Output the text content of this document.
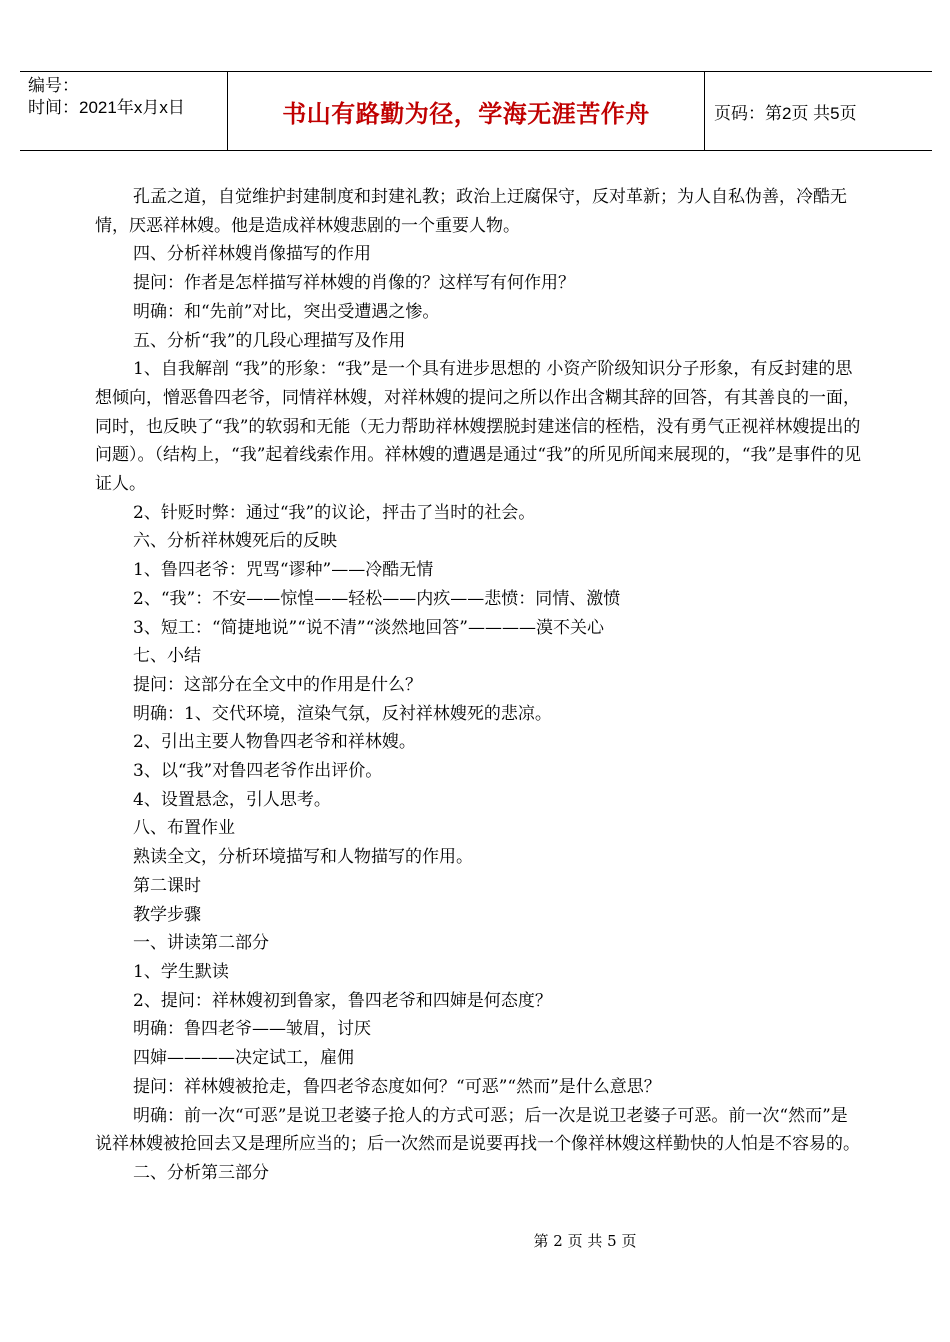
编号：
时间：2021年x月x日	书山有路勤为径，学海无涯苦作舟	页码：第2页 共5页

孔孟之道，自觉维护封建制度和封建礼教；政治上迂腐保守，反对革新；为人自私伪善，冷酷无情，厌恶祥林嫂。他是造成祥林嫂悲剧的一个重要人物。

四、分析祥林嫂肖像描写的作用

提问：作者是怎样描写祥林嫂的肖像的？这样写有何作用？

明确：和“先前”对比，突出受遭遇之惨。

五、分析“我”的几段心理描写及作用

1、自我解剖 “我”的形象：“我”是一个具有进步思想的 小资产阶级知识分子形象，有反封建的思想倾向，憎恶鲁四老爷，同情祥林嫂，对祥林嫂的提问之所以作出含糊其辞的回答，有其善良的一面，同时，也反映了“我”的软弱和无能（无力帮助祥林嫂摆脱封建迷信的桎梏，没有勇气正视祥林嫂提出的问题）。（结构上，“我”起着线索作用。祥林嫂的遭遇是通过“我”的所见所闻来展现的，“我”是事件的见证人。

2、针贬时弊：通过“我”的议论，抨击了当时的社会。

六、分析祥林嫂死后的反映

1、鲁四老爷：咒骂“谬种”——冷酷无情

2、“我”：不安——惊惶——轻松——内疚——悲愤：同情、激愤

3、短工：“简捷地说”“说不清”“淡然地回答”————漠不关心

七、小结

提问：这部分在全文中的作用是什么？

明确：1、交代环境，渲染气氛，反衬祥林嫂死的悲凉。

2、引出主要人物鲁四老爷和祥林嫂。

3、以“我”对鲁四老爷作出评价。

4、设置悬念，引人思考。

八、布置作业

熟读全文，分析环境描写和人物描写的作用。

第二课时

教学步骤

一、讲读第二部分

1、学生默读

2、提问：祥林嫂初到鲁家，鲁四老爷和四婶是何态度？

明确：鲁四老爷——皱眉，讨厌

四婶————决定试工，雇佣

提问：祥林嫂被抢走，鲁四老爷态度如何？“可恶”“然而”是什么意思？

明确：前一次“可恶”是说卫老婆子抢人的方式可恶；后一次是说卫老婆子可恶。前一次“然而”是说祥林嫂被抢回去又是理所应当的；后一次然而是说要再找一个像祥林嫂这样勤快的人怕是不容易的。

二、分析第三部分

第 2 页 共 5 页
